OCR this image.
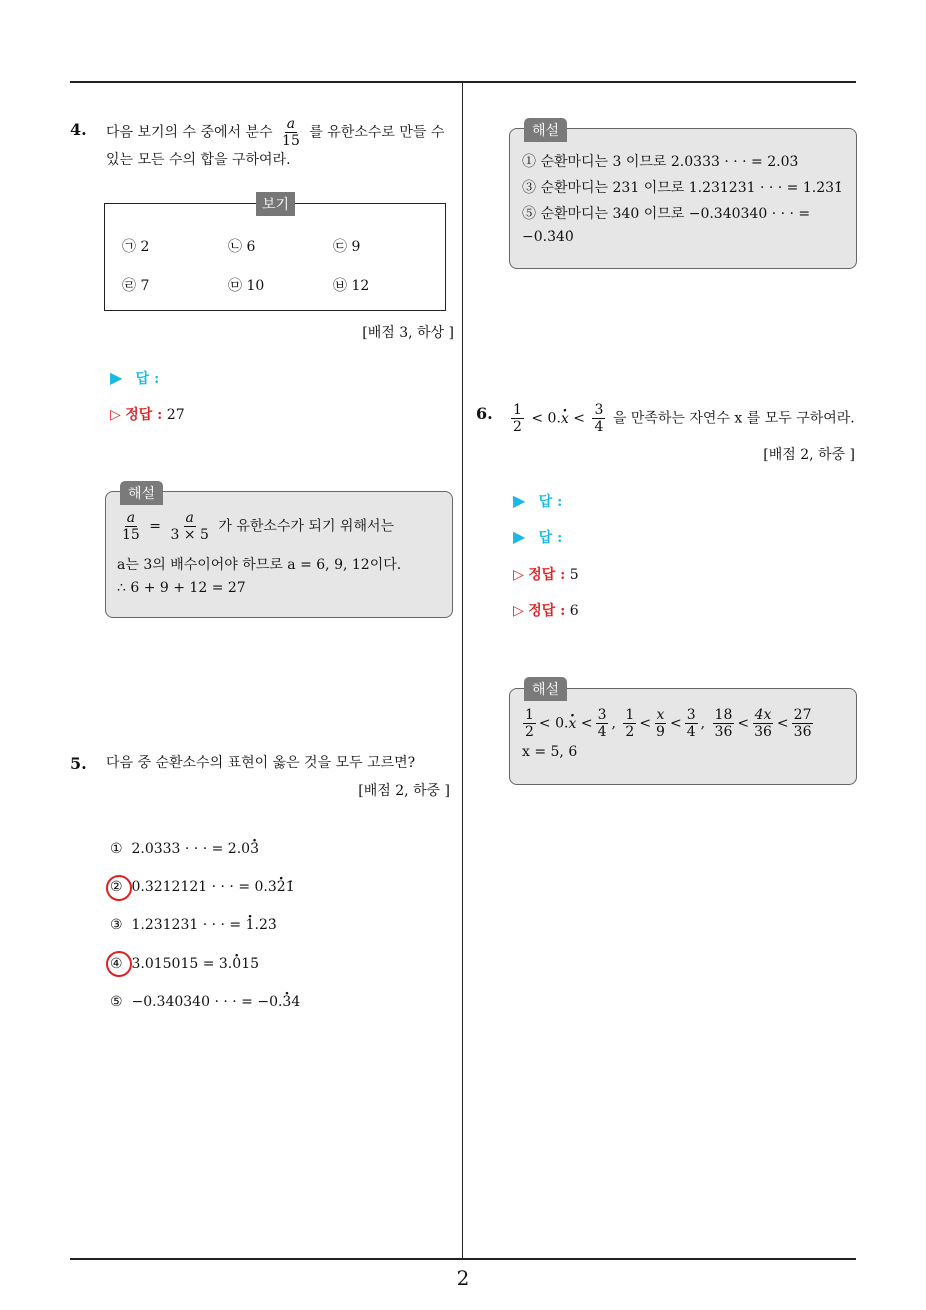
2
4. 다음 보기의 수 중에서 분수 $\frac{a}{15}$ 를 유한소수로 만들 수
있는 모든 수의 합을 구하여라.
보기
㉠ 2	㉡ 6	㉢ 9
㉣ 7	㉤ 10	㉥ 12
[배점 3, 하상 ]
▶ 답 :
▷ 정답 : 27
해설
$\frac{a}{15} = \frac{a}{3 \times 5}$ 가 유한소수가 되기 위해서는
a는 3의 배수이어야 하므로 a = 6, 9, 12이다.
∴ 6 + 9 + 12 = 27
5. 다음 중 순환소수의 표현이 옳은 것을 모두 고르면?
[배점 2, 하중 ]
① 2.0333 · · · = 2.0· 3
② 0.3212121 · · · = 0.3· 21̇
③ 1.231231 · · · = · 1.23̇
④ 3.015015 = 3.· 015̇
⑤ −0.340340 · · · = −0.· 34̇
해설
① 순환마디는 3 이므로 2.0333 · · · = 2.03̇
③ 순환마디는 231 이므로 1.231231 · · · = 1.2̇31̇
⑤ 순환마디는 340 이므로 −0.340340 · · · =
−0.3̇40̇
6. $\frac{1}{2} < 0.\cdot x < \frac{3}{4}$ 을 만족하는 자연수 x 를 모두 구하여라.
[배점 2, 하중 ]
▶ 답 :
▶ 답 :
▷ 정답 : 5
▷ 정답 : 6
해설
$\frac{1}{2} < 0.\cdot x < \frac{3}{4}$ , $\frac{1}{2} < \frac{x}{9} < \frac{3}{4}$ , $\frac{18}{36} < \frac{4x}{36} < \frac{27}{36}$
x = 5, 6
